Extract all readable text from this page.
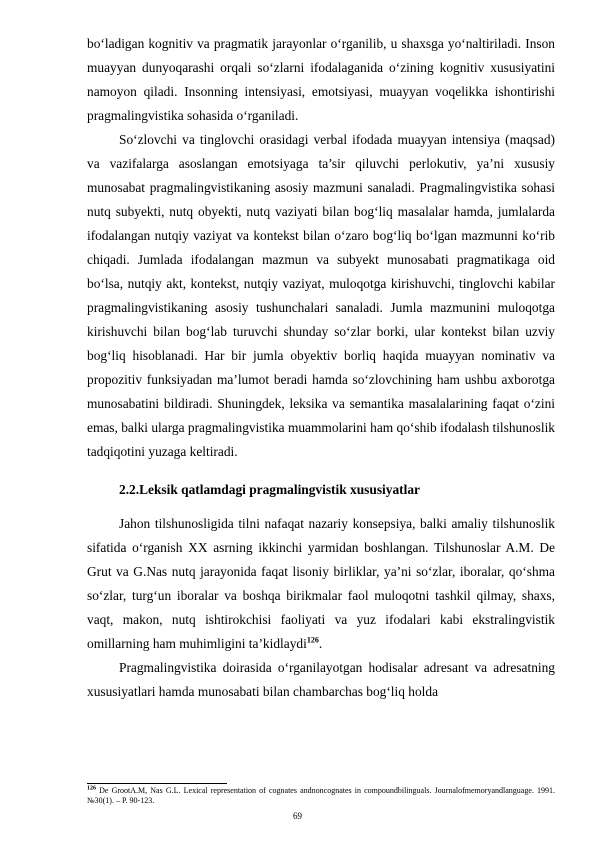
bo‘ladigan kognitiv va pragmatik jarayonlar o‘rganilib, u shaxsga yo‘naltiriladi. Inson muayyan dunyoqarashi orqali so‘zlarni ifodalaganida o‘zining kognitiv xususiyatini namoyon qiladi. Insonning intensiyasi, emotsiyasi, muayyan voqelikka ishontirishi pragmalingvistika sohasida o‘rganiladi.

So‘zlovchi va tinglovchi orasidagi verbal ifodada muayyan intensiya (maqsad) va vazifalarga asoslangan emotsiyaga ta’sir qiluvchi perlokutiv, ya’ni xususiy munosabat pragmalingvistikaning asosiy mazmuni sanaladi. Pragmalingvistika sohasi nutq subyekti, nutq obyekti, nutq vaziyati bilan bog‘liq masalalar hamda, jumlalarda ifodalangan nutqiy vaziyat va kontekst bilan o‘zaro bog‘liq bo‘lgan mazmunni ko‘rib chiqadi. Jumlada ifodalangan mazmun va subyekt munosabati pragmatikaga oid bo‘lsa, nutqiy akt, kontekst, nutqiy vaziyat, muloqotga kirishuvchi, tinglovchi kabilar pragmalingvistikaning asosiy tushunchalari sanaladi. Jumla mazmunini muloqotga kirishuvchi bilan bog‘lab turuvchi shunday so‘zlar borki, ular kontekst bilan uzviy bog‘liq hisoblanadi. Har bir jumla obyektiv borliq haqida muayyan nominativ va propozitiv funksiyadan ma’lumot beradi hamda so‘zlovchining ham ushbu axborotga munosabatini bildiradi. Shuningdek, leksika va semantika masalalarining faqat o‘zini emas, balki ularga pragmalingvistika muammolarini ham qo‘shib ifodalash tilshunoslik tadqiqotini yuzaga keltiradi.

2.2.Leksik qatlamdagi pragmalingvistik xususiyatlar

Jahon tilshunosligida tilni nafaqat nazariy konsepsiya, balki amaliy tilshunoslik sifatida o‘rganish XX asrning ikkinchi yarmidan boshlangan. Tilshunoslar A.M. De Grut va G.Nas nutq jarayonida faqat lisoniy birliklar, ya’ni so‘zlar, iboralar, qo‘shma so‘zlar, turg‘un iboralar va boshqa birikmalar faol muloqotni tashkil qilmay, shaxs, vaqt, makon, nutq ishtirokchisi faoliyati va yuz ifodalari kabi ekstralingvistik omillarning ham muhimligini ta’kidlaydi$^{126}$.

Pragmalingvistika doirasida o‘rganilayotgan hodisalar adresant va adresatning xususiyatlari hamda munosabati bilan chambarchas bog‘liq holda

$^{126}$ De GrootA.M, Nas G.L. Lexical representation of cognates andnoncognates in compoundbilinguals. Journalofmemoryandlanguage. 1991. №30(1). – P. 90-123.
69
